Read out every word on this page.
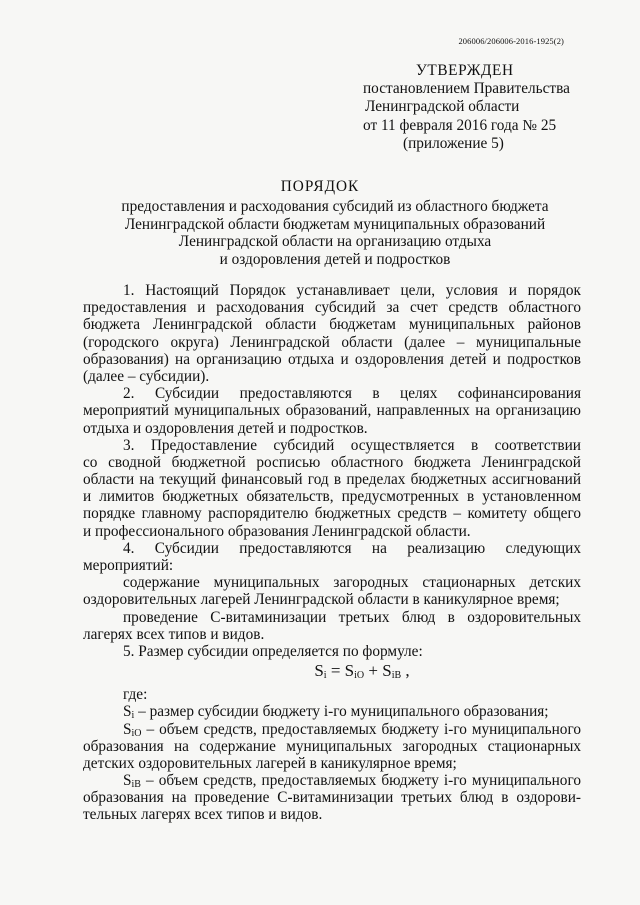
206006/206006-2016-1925(2)
УТВЕРЖДЕН
постановлением Правительства
Ленинградской области
от 11 февраля 2016 года № 25
(приложение 5)
ПОРЯДОК
предоставления и расходования субсидий из областного бюджета
Ленинградской области бюджетам муниципальных образований
Ленинградской области на организацию отдыха
и оздоровления детей и подростков
1. Настоящий Порядок устанавливает цели, условия и порядок
предоставления и расходования субсидий за счет средств областного
бюджета Ленинградской области бюджетам муниципальных районов
(городского округа) Ленинградской области (далее – муниципальные
образования) на организацию отдыха и оздоровления детей и подростков
(далее – субсидии).
2. Субсидии предоставляются в целях софинансирования
мероприятий муниципальных образований, направленных на организацию
отдыха и оздоровления детей и подростков.
3. Предоставление субсидий осуществляется в соответствии
со сводной бюджетной росписью областного бюджета Ленинградской
области на текущий финансовый год в пределах бюджетных ассигнований
и лимитов бюджетных обязательств, предусмотренных в установленном
порядке главному распорядителю бюджетных средств – комитету общего
и профессионального образования Ленинградской области.
4. Субсидии предоставляются на реализацию следующих
мероприятий:
содержание муниципальных загородных стационарных детских
оздоровительных лагерей Ленинградской области в каникулярное время;
проведение С-витаминизации третьих блюд в оздоровительных
лагерях всех типов и видов.
5. Размер субсидии определяется по формуле:
$S_i = S_{iO} + S_{iB}$ ,
где:
$S_i$ – размер субсидии бюджету i-го муниципального образования;
$S_{iO}$ – объем средств, предоставляемых бюджету i-го муниципального
образования на содержание муниципальных загородных стационарных
детских оздоровительных лагерей в каникулярное время;
$S_{iB}$ – объем средств, предоставляемых бюджету i-го муниципального
образования на проведение С-витаминизации третьих блюд в оздорови-
тельных лагерях всех типов и видов.
